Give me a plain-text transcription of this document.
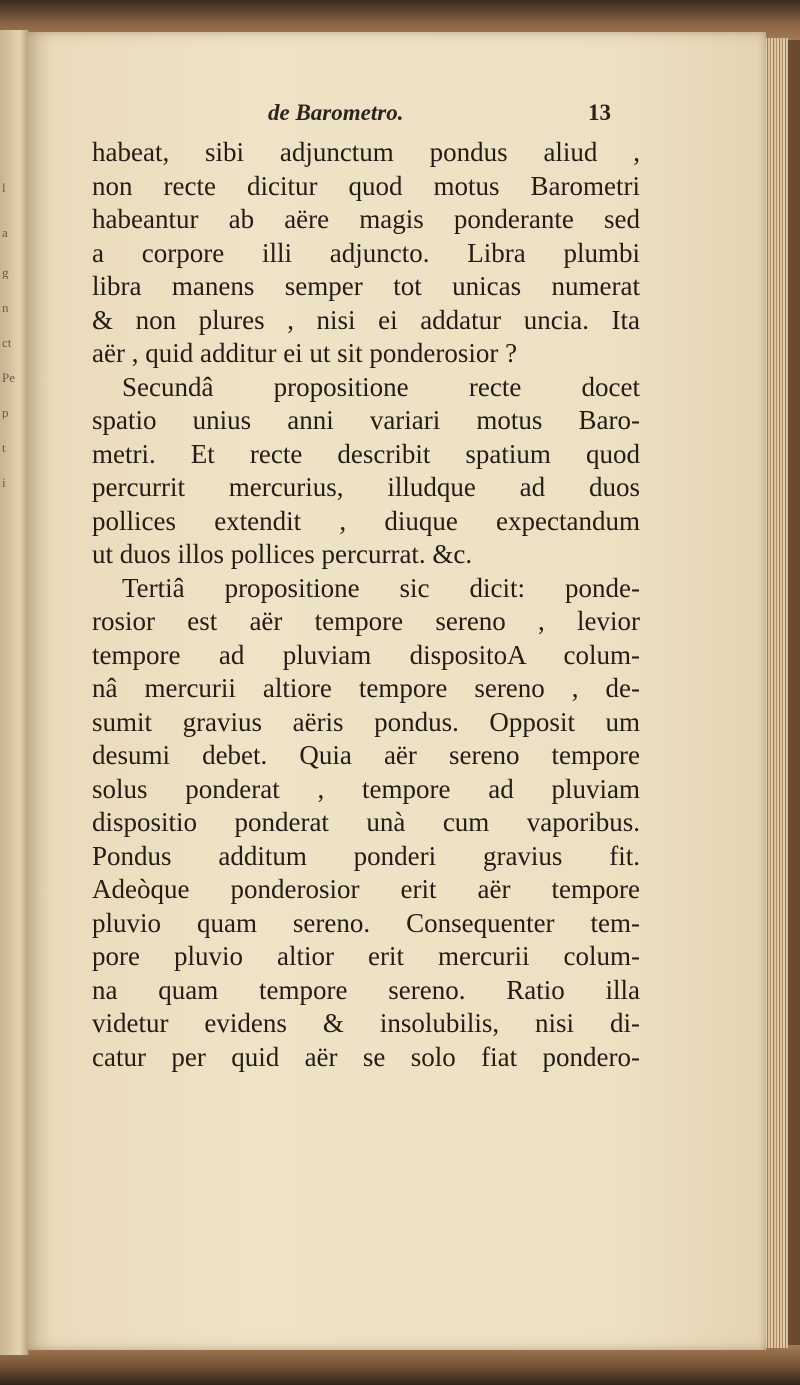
l
a
g
n
ct
Pe
p
t
i
de Barometro.	13
habeat, sibi adjunctum pondus aliud ,
non recte dicitur quod motus Barometri
habeantur ab aëre magis ponderante sed
a corpore illi adjuncto. Libra plumbi
libra manens semper tot unicas numerat
& non plures , nisi ei addatur uncia. Ita
aër , quid additur ei ut sit ponderosior ?
Secundâ propositione recte docet
spatio unius anni variari motus Baro-
metri. Et recte describit spatium quod
percurrit mercurius, illudque ad duos
pollices extendit , diuque expectandum
ut duos illos pollices percurrat. &c.
Tertiâ propositione sic dicit: ponde-
rosior est aër tempore sereno , levior
tempore ad pluviam dispositoA colum-
nâ mercurii altiore tempore sereno , de-
sumit gravius aëris pondus. Opposit um
desumi debet. Quia aër sereno tempore
solus ponderat , tempore ad pluviam
dispositio ponderat unà cum vaporibus.
Pondus additum ponderi gravius fit.
Adeòque ponderosior erit aër tempore
pluvio quam sereno. Consequenter tem-
pore pluvio altior erit mercurii colum-
na quam tempore sereno. Ratio illa
videtur evidens & insolubilis, nisi di-
catur per quid aër se solo fiat pondero-
